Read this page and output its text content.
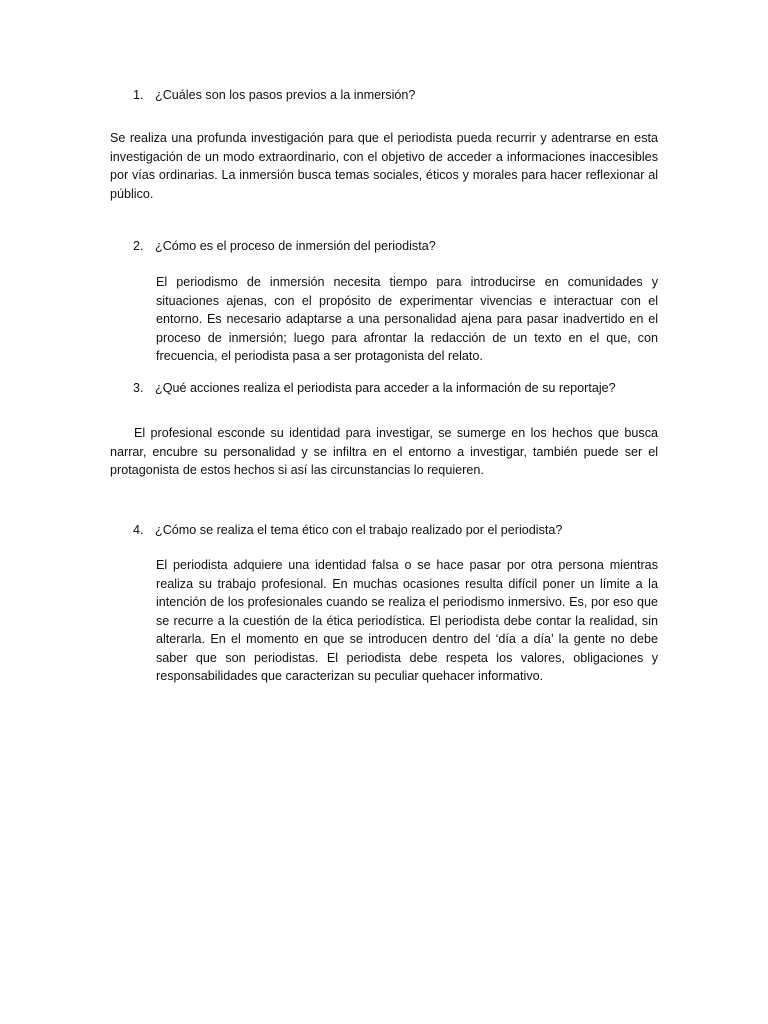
1. ¿Cuáles son los pasos previos a la inmersión?

Se realiza una profunda investigación para que el periodista pueda recurrir y adentrarse en esta investigación de un modo extraordinario, con el objetivo de acceder a informaciones inaccesibles por vías ordinarias. La inmersión busca temas sociales, éticos y morales para hacer reflexionar al público.

2. ¿Cómo es el proceso de inmersión del periodista?

El periodismo de inmersión necesita tiempo para introducirse en comunidades y situaciones ajenas, con el propósito de experimentar vivencias e interactuar con el entorno. Es necesario adaptarse a una personalidad ajena para pasar inadvertido en el proceso de inmersión; luego para afrontar la redacción de un texto en el que, con frecuencia, el periodista pasa a ser protagonista del relato.

3. ¿Qué acciones realiza el periodista para acceder a la información de su reportaje?

El profesional esconde su identidad para investigar, se sumerge en los hechos que busca narrar, encubre su personalidad y se infiltra en el entorno a investigar, también puede ser el protagonista de estos hechos si así las circunstancias lo requieren.

4. ¿Cómo se realiza el tema ético con el trabajo realizado por el periodista?

El periodista adquiere una identidad falsa o se hace pasar por otra persona mientras realiza su trabajo profesional. En muchas ocasiones resulta difícil poner un límite a la intención de los profesionales cuando se realiza el periodismo inmersivo. Es, por eso que se recurre a la cuestión de la ética periodística. El periodista debe contar la realidad, sin alterarla. En el momento en que se introducen dentro del ‘día a día’ la gente no debe saber que son periodistas. El periodista debe respeta los valores, obligaciones y responsabilidades que caracterizan su peculiar quehacer informativo.
